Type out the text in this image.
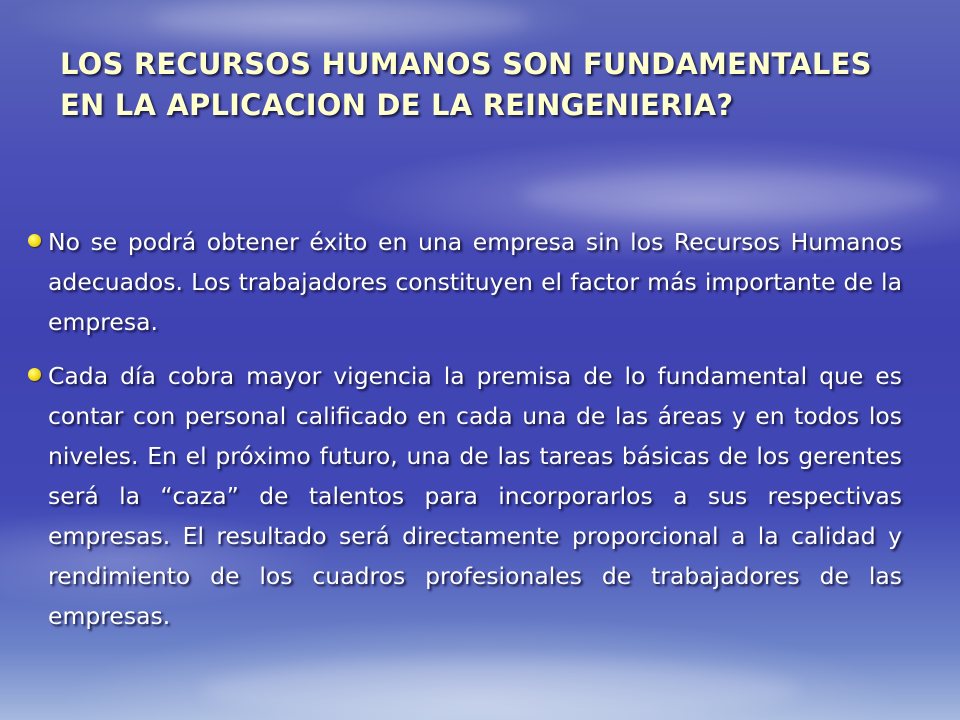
LOS RECURSOS HUMANOS SON FUNDAMENTALES EN LA APLICACION DE LA REINGENIERIA?
No se podrá obtener éxito en una empresa sin los Recursos Humanos adecuados. Los trabajadores constituyen el factor más importante de la empresa.
Cada día cobra mayor vigencia la premisa de lo fundamental que es contar con personal calificado en cada una de las áreas y en todos los niveles. En el próximo futuro, una de las tareas básicas de los gerentes será la “caza” de talentos para incorporarlos a sus respectivas empresas. El resultado será directamente proporcional a la calidad y rendimiento de los cuadros profesionales de trabajadores de las empresas.
